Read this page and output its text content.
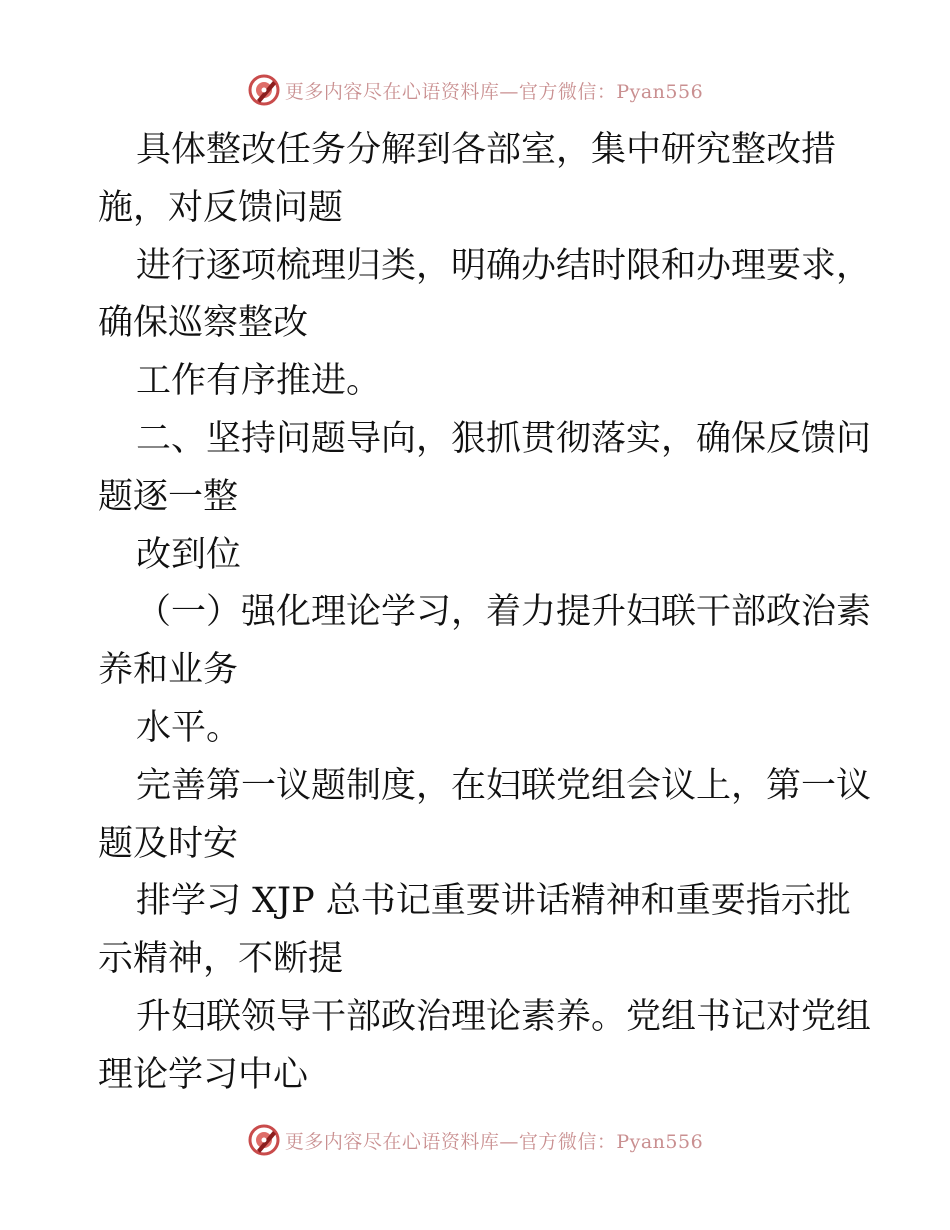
更多内容尽在心语资料库—官方微信：Pyan556

具体整改任务分解到各部室，集中研究整改措

施，对反馈问题

进行逐项梳理归类，明确办结时限和办理要求，

确保巡察整改

工作有序推进。

二、坚持问题导向，狠抓贯彻落实，确保反馈问

题逐一整

改到位

（一）强化理论学习，着力提升妇联干部政治素

养和业务

水平。

完善第一议题制度，在妇联党组会议上，第一议

题及时安

排学习 XJP 总书记重要讲话精神和重要指示批

示精神，不断提

升妇联领导干部政治理论素养。党组书记对党组

理论学习中心

更多内容尽在心语资料库—官方微信：Pyan556
